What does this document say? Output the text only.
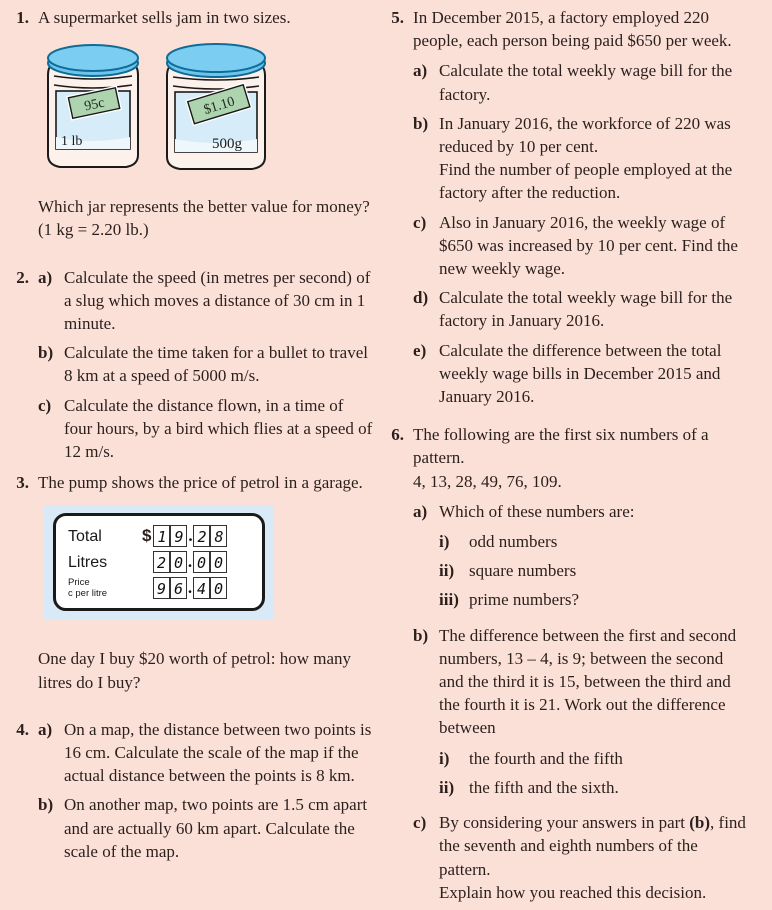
1. A supermarket sells jam in two sizes.

95c
1 lb
$1.10
500g

Which jar represents the better value for money? (1 kg = 2.20 lb.)

2. a) Calculate the speed (in metres per second) of a slug which moves a distance of 30 cm in 1 minute.
b) Calculate the time taken for a bullet to travel 8 km at a speed of 5000 m/s.
c) Calculate the distance flown, in a time of four hours, by a bird which flies at a speed of 12 m/s.
3. The pump shows the price of petrol in a garage.

Total	$ 1 9 . 2 8
Litres	2 0 . 0 0
Price
c per litre	9 6 . 4 0

One day I buy $20 worth of petrol: how many litres do I buy?

4. a) On a map, the distance between two points is 16 cm. Calculate the scale of the map if the actual distance between the points is 8 km.
b) On another map, two points are 1.5 cm apart and are actually 60 km apart. Calculate the scale of the map.
5. In December 2015, a factory employed 220 people, each person being paid $650 per week.

a) Calculate the total weekly wage bill for the factory.
b) In January 2016, the workforce of 220 was reduced by 10 per cent.

Find the number of people employed at the factory after the reduction.

c) Also in January 2016, the weekly wage of $650 was increased by 10 per cent. Find the new weekly wage.
d) Calculate the total weekly wage bill for the factory in January 2016.
e) Calculate the difference between the total weekly wage bills in December 2015 and January 2016.
6. The following are the first six numbers of a pattern.

4, 13, 28, 49, 76, 109.

a) Which of these numbers are:

i)	odd numbers
ii) square numbers
iii) prime numbers?
b) The difference between the first and second numbers, 13 – 4, is 9; between the second and the third it is 15, between the third and the fourth it is 21. Work out the difference between

i)	the fourth and the fifth
ii) the fifth and the sixth.
c) By considering your answers in part (b), find the seventh and eighth numbers of the pattern.

Explain how you reached this decision.
